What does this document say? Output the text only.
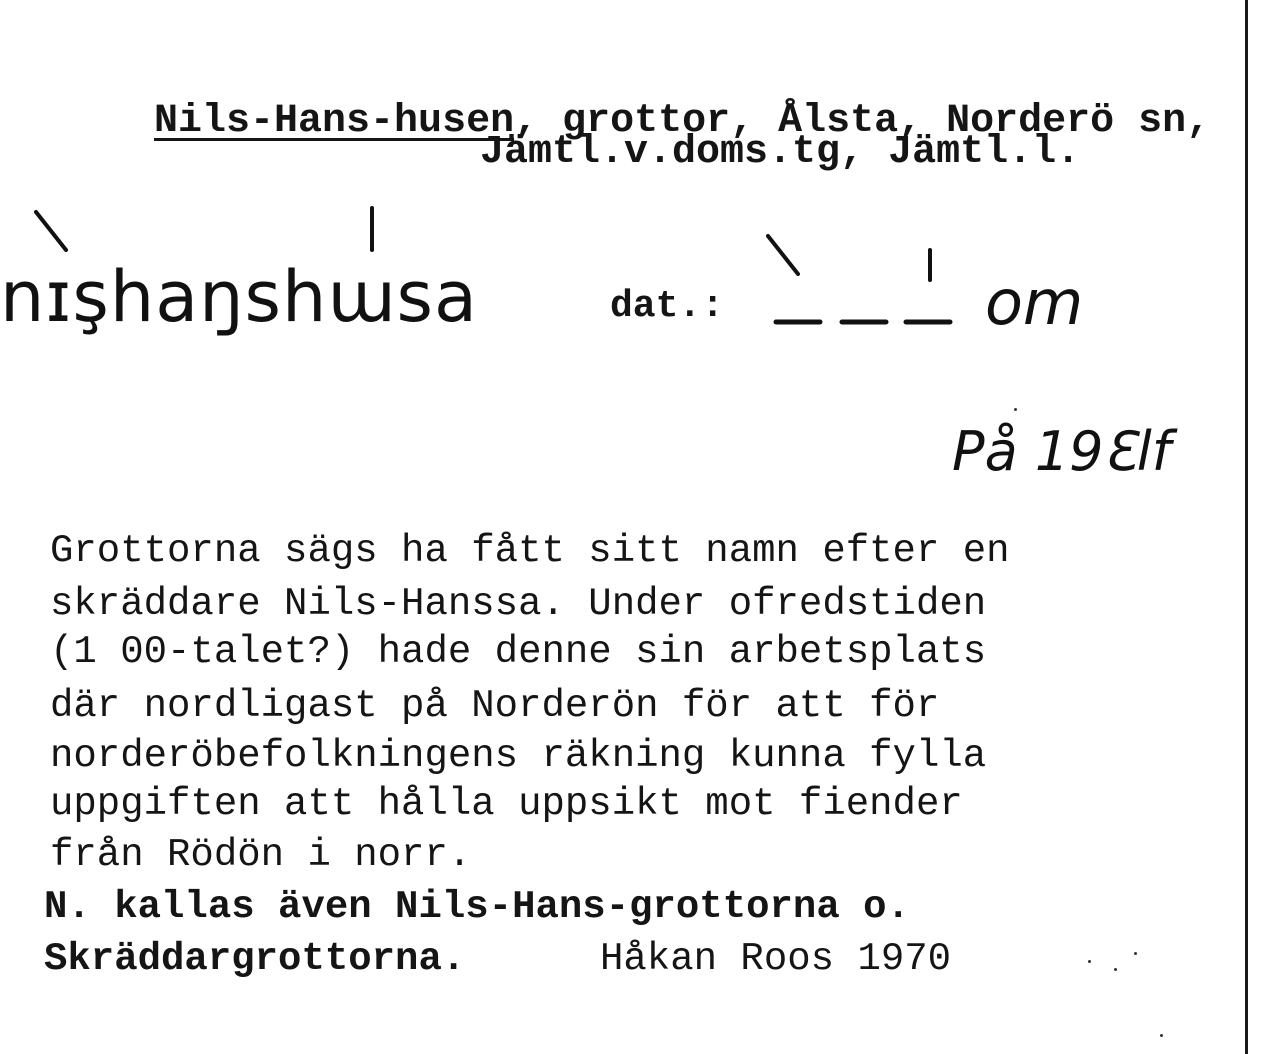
Nils-Hans-husen, grottor, Ålsta, Norderö sn,

Jämtl.v.doms.tg, Jämtl.l.
nɪşhaŋshɯsa	dat.:	om
På 19ℇlf
Grottorna sägs ha fått sitt namn efter en
skräddare Nils-Hanssa. Under ofredstiden
(1 00-talet?) hade denne sin arbetsplats
där nordligast på Norderön för att för
norderöbefolkningens räkning kunna fylla
uppgiften att hålla uppsikt mot fiender
från Rödön i norr.
N. kallas även Nils-Hans-grottorna o.
Skräddargrottorna.	Håkan Roos 1970
